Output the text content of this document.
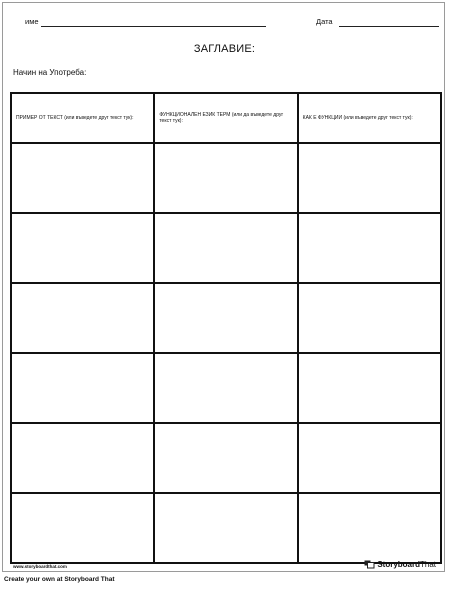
име	Дата
ЗАГЛАВИЕ:
Начин на Употреба:
ПРИМЕР ОТ ТЕКСТ (или въведете друг текст тук):	ФУНКЦИОНАЛЕН ЕЗИК ТЕРМ (или да въведете друг текст тук):	КАК Е ФУНКЦИИ (или въведете друг текст тук):

www.storyboardthat.com	StoryboardThat
Create your own at Storyboard That
